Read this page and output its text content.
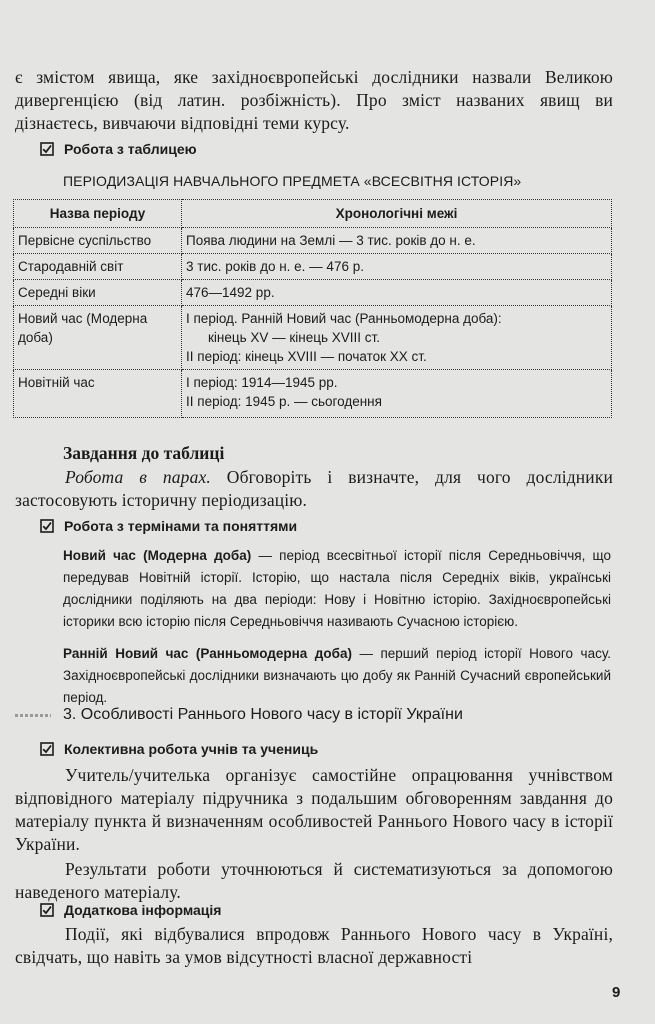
є змістом явища, яке західноєвропейські дослідники назвали Великою дивергенцією (від латин. розбіжність). Про зміст названих явищ ви дізнаєтесь, вивчаючи відповідні теми курсу.

Робота з таблицею
ПЕРІОДИЗАЦІЯ НАВЧАЛЬНОГО ПРЕДМЕТА «ВСЕСВІТНЯ ІСТОРІЯ»
Назва періоду	Хронологічні межі
Первісне суспільство	Поява людини на Землі — 3 тис. років до н. е.

Стародавній світ	3 тис. років до н. е. — 476 р.

Середні віки	476—1492 рр.

Новий час (Модерна доба)	I період. Ранній Новий час (Ранньомодерна доба):
кінець XV — кінець XVIII ст.
II період: кінець XVIII — початок XX ст.

Новітній час	I період: 1914—1945 рр.
II період: 1945 р. — сьогодення
Завдання до таблиці

Робота в парах. Обговоріть і визначте, для чого дослідники застосовують історичну періодизацію.

Робота з термінами та поняттями

Новий час (Модерна доба) — період всесвітньої історії після Середньовіччя, що передував Новітній історії. Історію, що настала після Середніх віків, українські дослідники поділяють на два періоди: Нову і Новітню історію. Західноєвропейські історики всю історію після Середньовіччя називають Сучасною історією.

Ранній Новий час (Ранньомодерна доба) — перший період історії Нового часу. Західноєвропейські дослідники визначають цю добу як Ранній Сучасний європейський період.

3. Особливості Раннього Нового часу в історії України
Колективна робота учнів та учениць

Учитель/учителька організує самостійне опрацювання учнівством відповідного матеріалу підручника з подальшим обговоренням завдання до матеріалу пункта й визначенням особливостей Раннього Нового часу в історії України.

Результати роботи уточнюються й систематизуються за допомогою наведеного матеріалу.

Додаткова інформація

Події, які відбувалися впродовж Раннього Нового часу в Україні, свідчать, що навіть за умов відсутності власної державності

9
